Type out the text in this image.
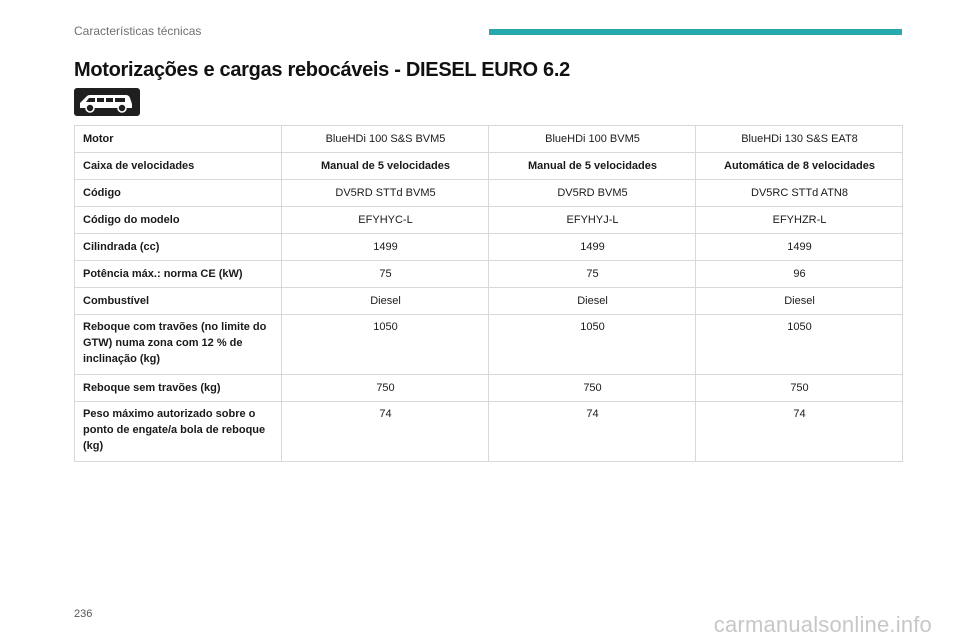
Características técnicas
Motorizações e cargas rebocáveis - DIESEL EURO 6.2
Motor	BlueHDi 100 S&S BVM5	BlueHDi 100 BVM5	BlueHDi 130 S&S EAT8
Caixa de velocidades	Manual de 5 velocidades	Manual de 5 velocidades	Automática de 8 velocidades
Código	DV5RD STTd BVM5	DV5RD BVM5	DV5RC STTd ATN8
Código do modelo	EFYHYC-L	EFYHYJ-L	EFYHZR-L
Cilindrada (cc)	1499	1499	1499
Potência máx.: norma CE (kW)	75	75	96
Combustível	Diesel	Diesel	Diesel
Reboque com travões (no limite do GTW) numa zona com 12 % de inclinação (kg)	1050	1050	1050
Reboque sem travões (kg)	750	750	750
Peso máximo autorizado sobre o ponto de engate/a bola de reboque (kg)	74	74	74
236	carmanualsonline.info
